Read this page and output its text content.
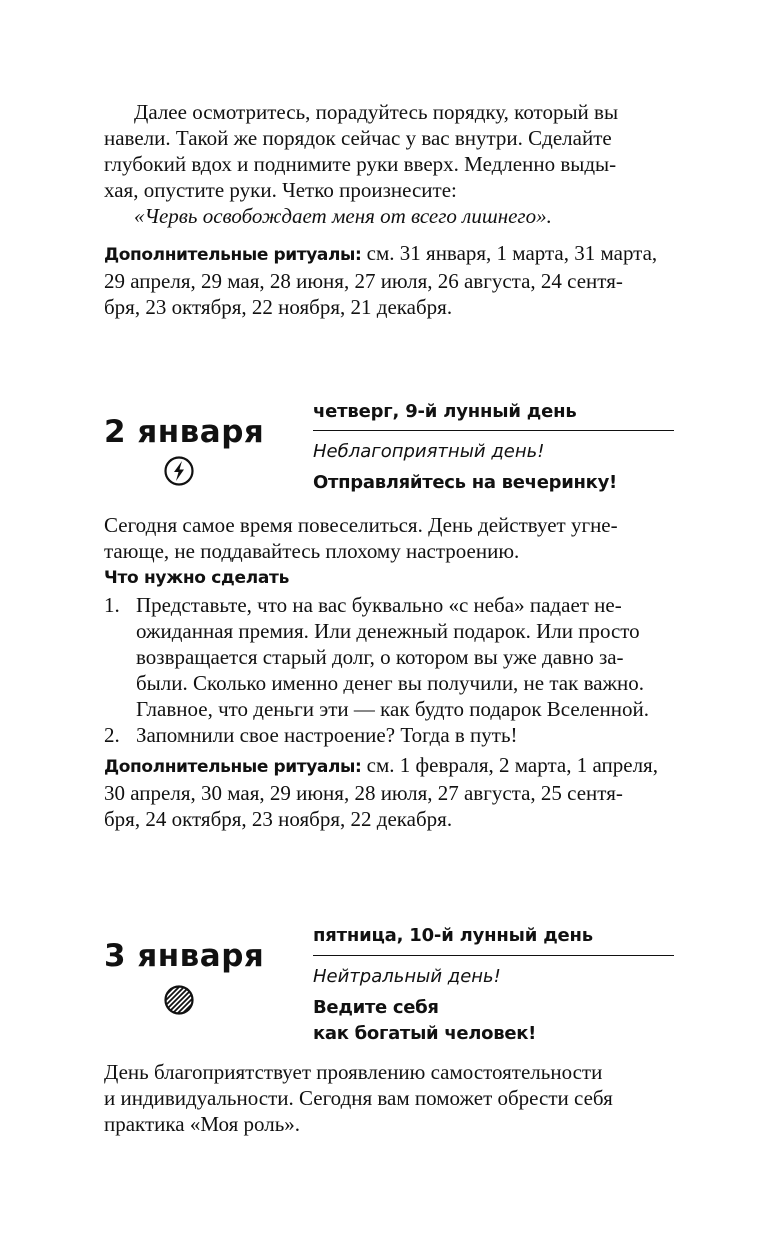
Далее осмотритесь, порадуйтесь порядку, который вы
навели. Такой же порядок сейчас у вас внутри. Сделайте
глубокий вдох и поднимите руки вверх. Медленно выды-
хая, опустите руки. Четко произнесите:
«Червь освобождает меня от всего лишнего».
Дополнительные ритуалы: см. 31 января, 1 марта, 31 марта,
29 апреля, 29 мая, 28 июня, 27 июля, 26 августа, 24 сентя-
бря, 23 октября, 22 ноября, 21 декабря.
2 января
четверг, 9-й лунный день
Неблагоприятный день!
Отправляйтесь на вечеринку!
Сегодня самое время повеселиться. День действует угне-
тающе, не поддавайтесь плохому настроению.
Что нужно сделать
1. Представьте, что на вас буквально «с неба» падает не-
ожиданная премия. Или денежный подарок. Или просто
возвращается старый долг, о котором вы уже давно за-
были. Сколько именно денег вы получили, не так важно.
Главное, что деньги эти — как будто подарок Вселенной.
2. Запомнили свое настроение? Тогда в путь!
Дополнительные ритуалы: см. 1 февраля, 2 марта, 1 апреля,
30 апреля, 30 мая, 29 июня, 28 июля, 27 августа, 25 сентя-
бря, 24 октября, 23 ноября, 22 декабря.
3 января
пятница, 10-й лунный день
Нейтральный день!
Ведите себя
как богатый человек!
День благоприятствует проявлению самостоятельности
и индивидуальности. Сегодня вам поможет обрести себя
практика «Моя роль».
